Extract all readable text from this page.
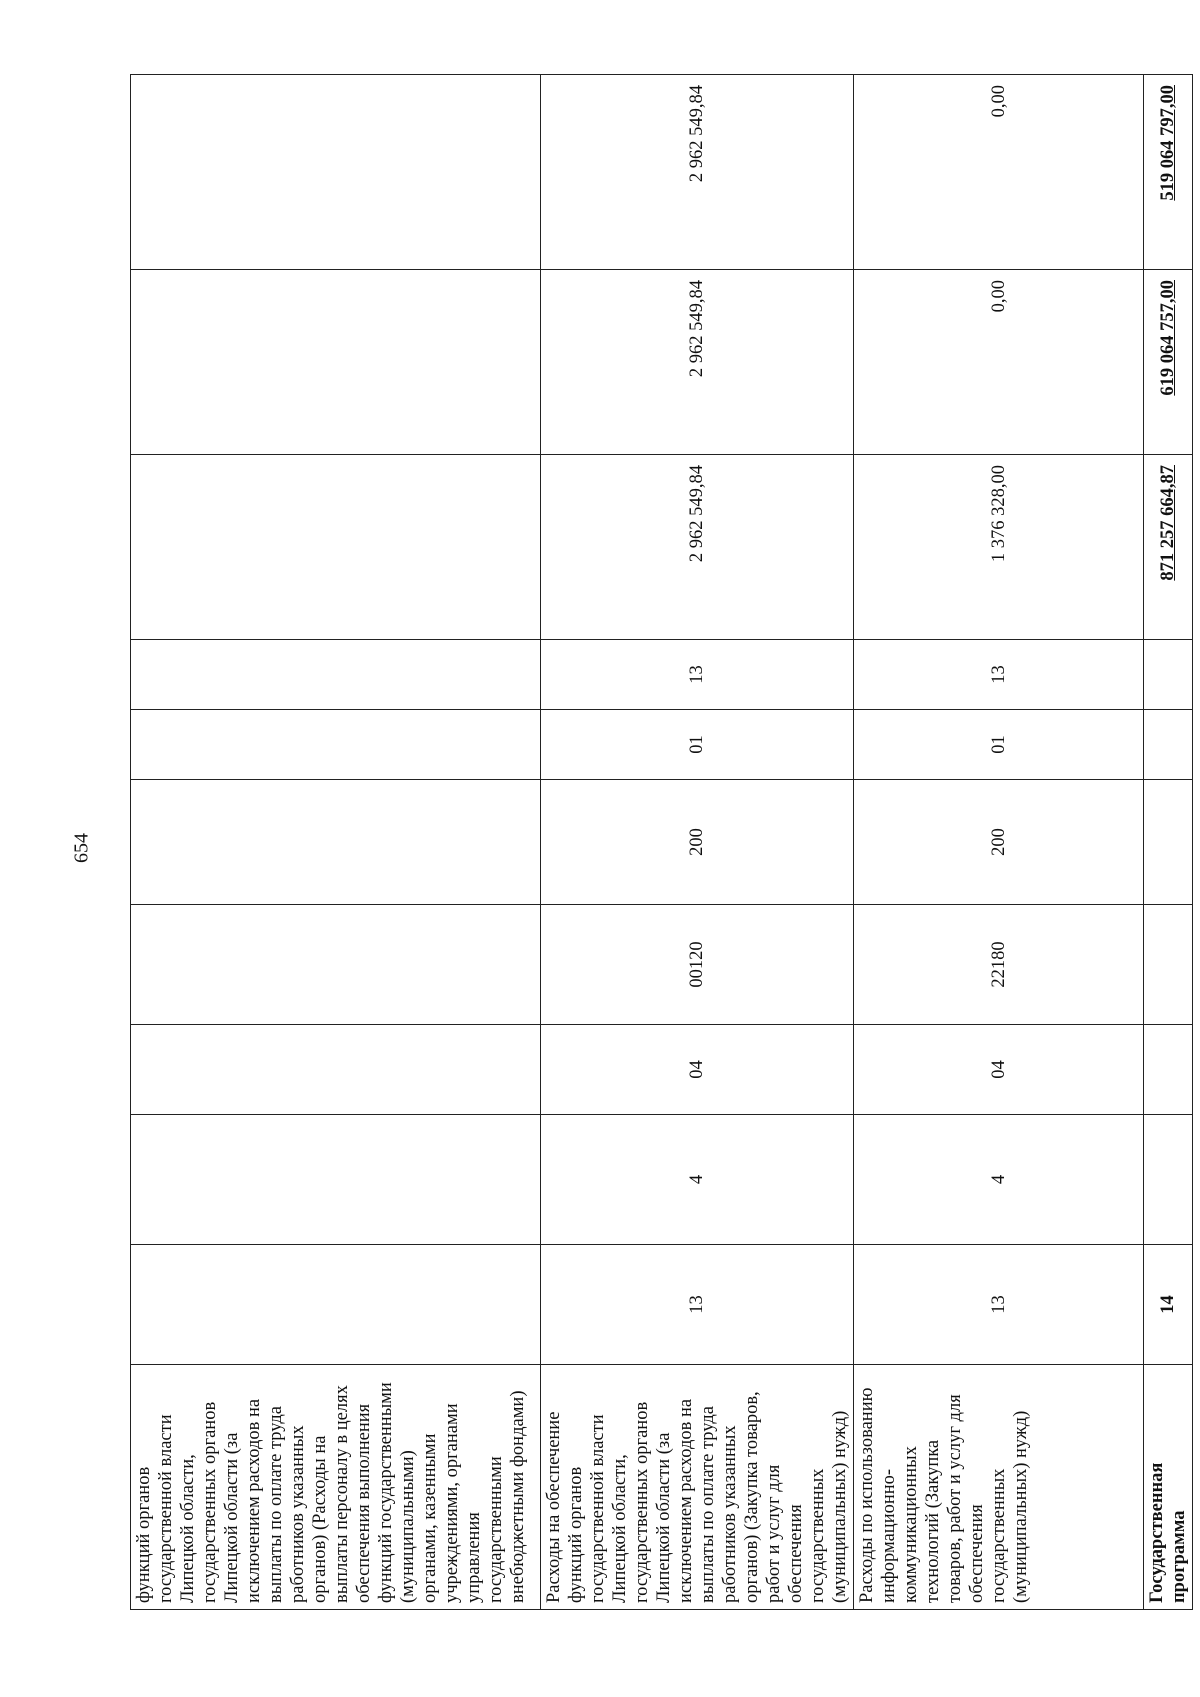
654
функций органов государственной власти Липецкой области, государственных органов Липецкой области (за исключением расходов на выплаты по оплате труда работников указанных органов) (Расходы на выплаты персоналу в целях обеспечения выполнения функций государственными (муниципальными) органами, казенными учреждениями, органами управления государственными внебюджетными фондами)										
Расходы на обеспечение функций органов государственной власти Липецкой области, государственных органов Липецкой области (за исключением расходов на выплаты по оплате труда работников указанных органов) (Закупка товаров, работ и услуг для обеспечения государственных (муниципальных) нужд)	13	4	04	00120	200	01	13	2 962 549,84	2 962 549,84	2 962 549,84
Расходы по использованию информационно-коммуникационных технологий (Закупка товаров, работ и услуг для обеспечения государственных (муниципальных) нужд)	13	4	04	22180	200	01	13	1 376 328,00	0,00	0,00
Государственная программа	14							871 257 664,87	619 064 757,00	519 064 797,00
